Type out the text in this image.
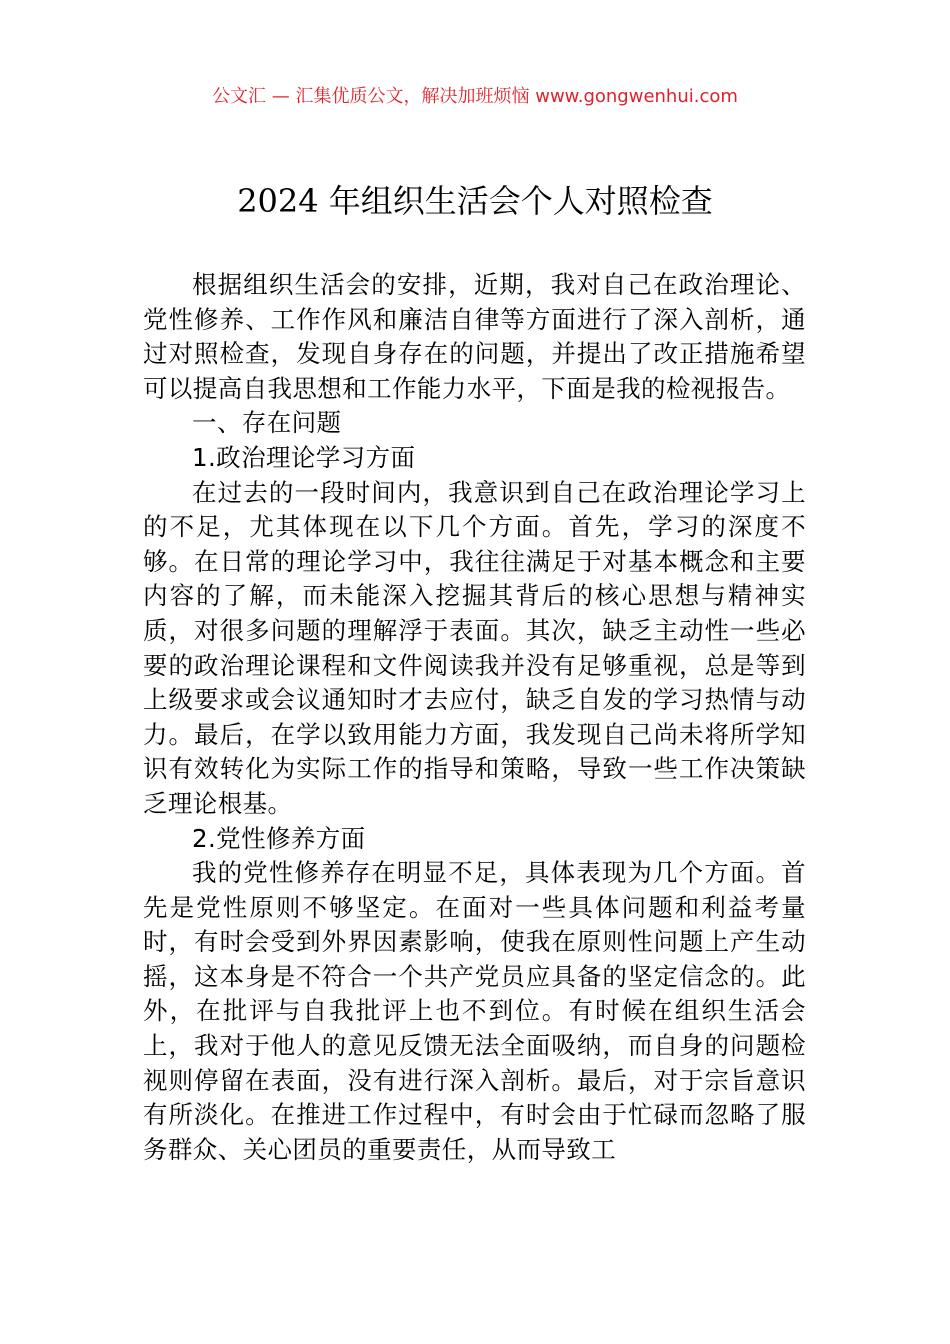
公文汇 — 汇集优质公文，解决加班烦恼 www.gongwenhui.com
2024 年组织生活会个人对照检查

根据组织生活会的安排，近期，我对自己在政治理论、党性修养、工作作风和廉洁自律等方面进行了深入剖析，通过对照检查，发现自身存在的问题，并提出了改正措施希望可以提高自我思想和工作能力水平，下面是我的检视报告。

一、存在问题

1.政治理论学习方面

在过去的一段时间内，我意识到自己在政治理论学习上的不足，尤其体现在以下几个方面。首先，学习的深度不够。在日常的理论学习中，我往往满足于对基本概念和主要内容的了解，而未能深入挖掘其背后的核心思想与精神实质，对很多问题的理解浮于表面。其次，缺乏主动性一些必要的政治理论课程和文件阅读我并没有足够重视，总是等到上级要求或会议通知时才去应付，缺乏自发的学习热情与动力。最后，在学以致用能力方面，我发现自己尚未将所学知识有效转化为实际工作的指导和策略，导致一些工作决策缺乏理论根基。

2.党性修养方面

我的党性修养存在明显不足，具体表现为几个方面。首先是党性原则不够坚定。在面对一些具体问题和利益考量时，有时会受到外界因素影响，使我在原则性问题上产生动摇，这本身是不符合一个共产党员应具备的坚定信念的。此外，在批评与自我批评上也不到位。有时候在组织生活会上，我对于他人的意见反馈无法全面吸纳，而自身的问题检视则停留在表面，没有进行深入剖析。最后，对于宗旨意识有所淡化。在推进工作过程中，有时会由于忙碌而忽略了服务群众、关心团员的重要责任，从而导致工
